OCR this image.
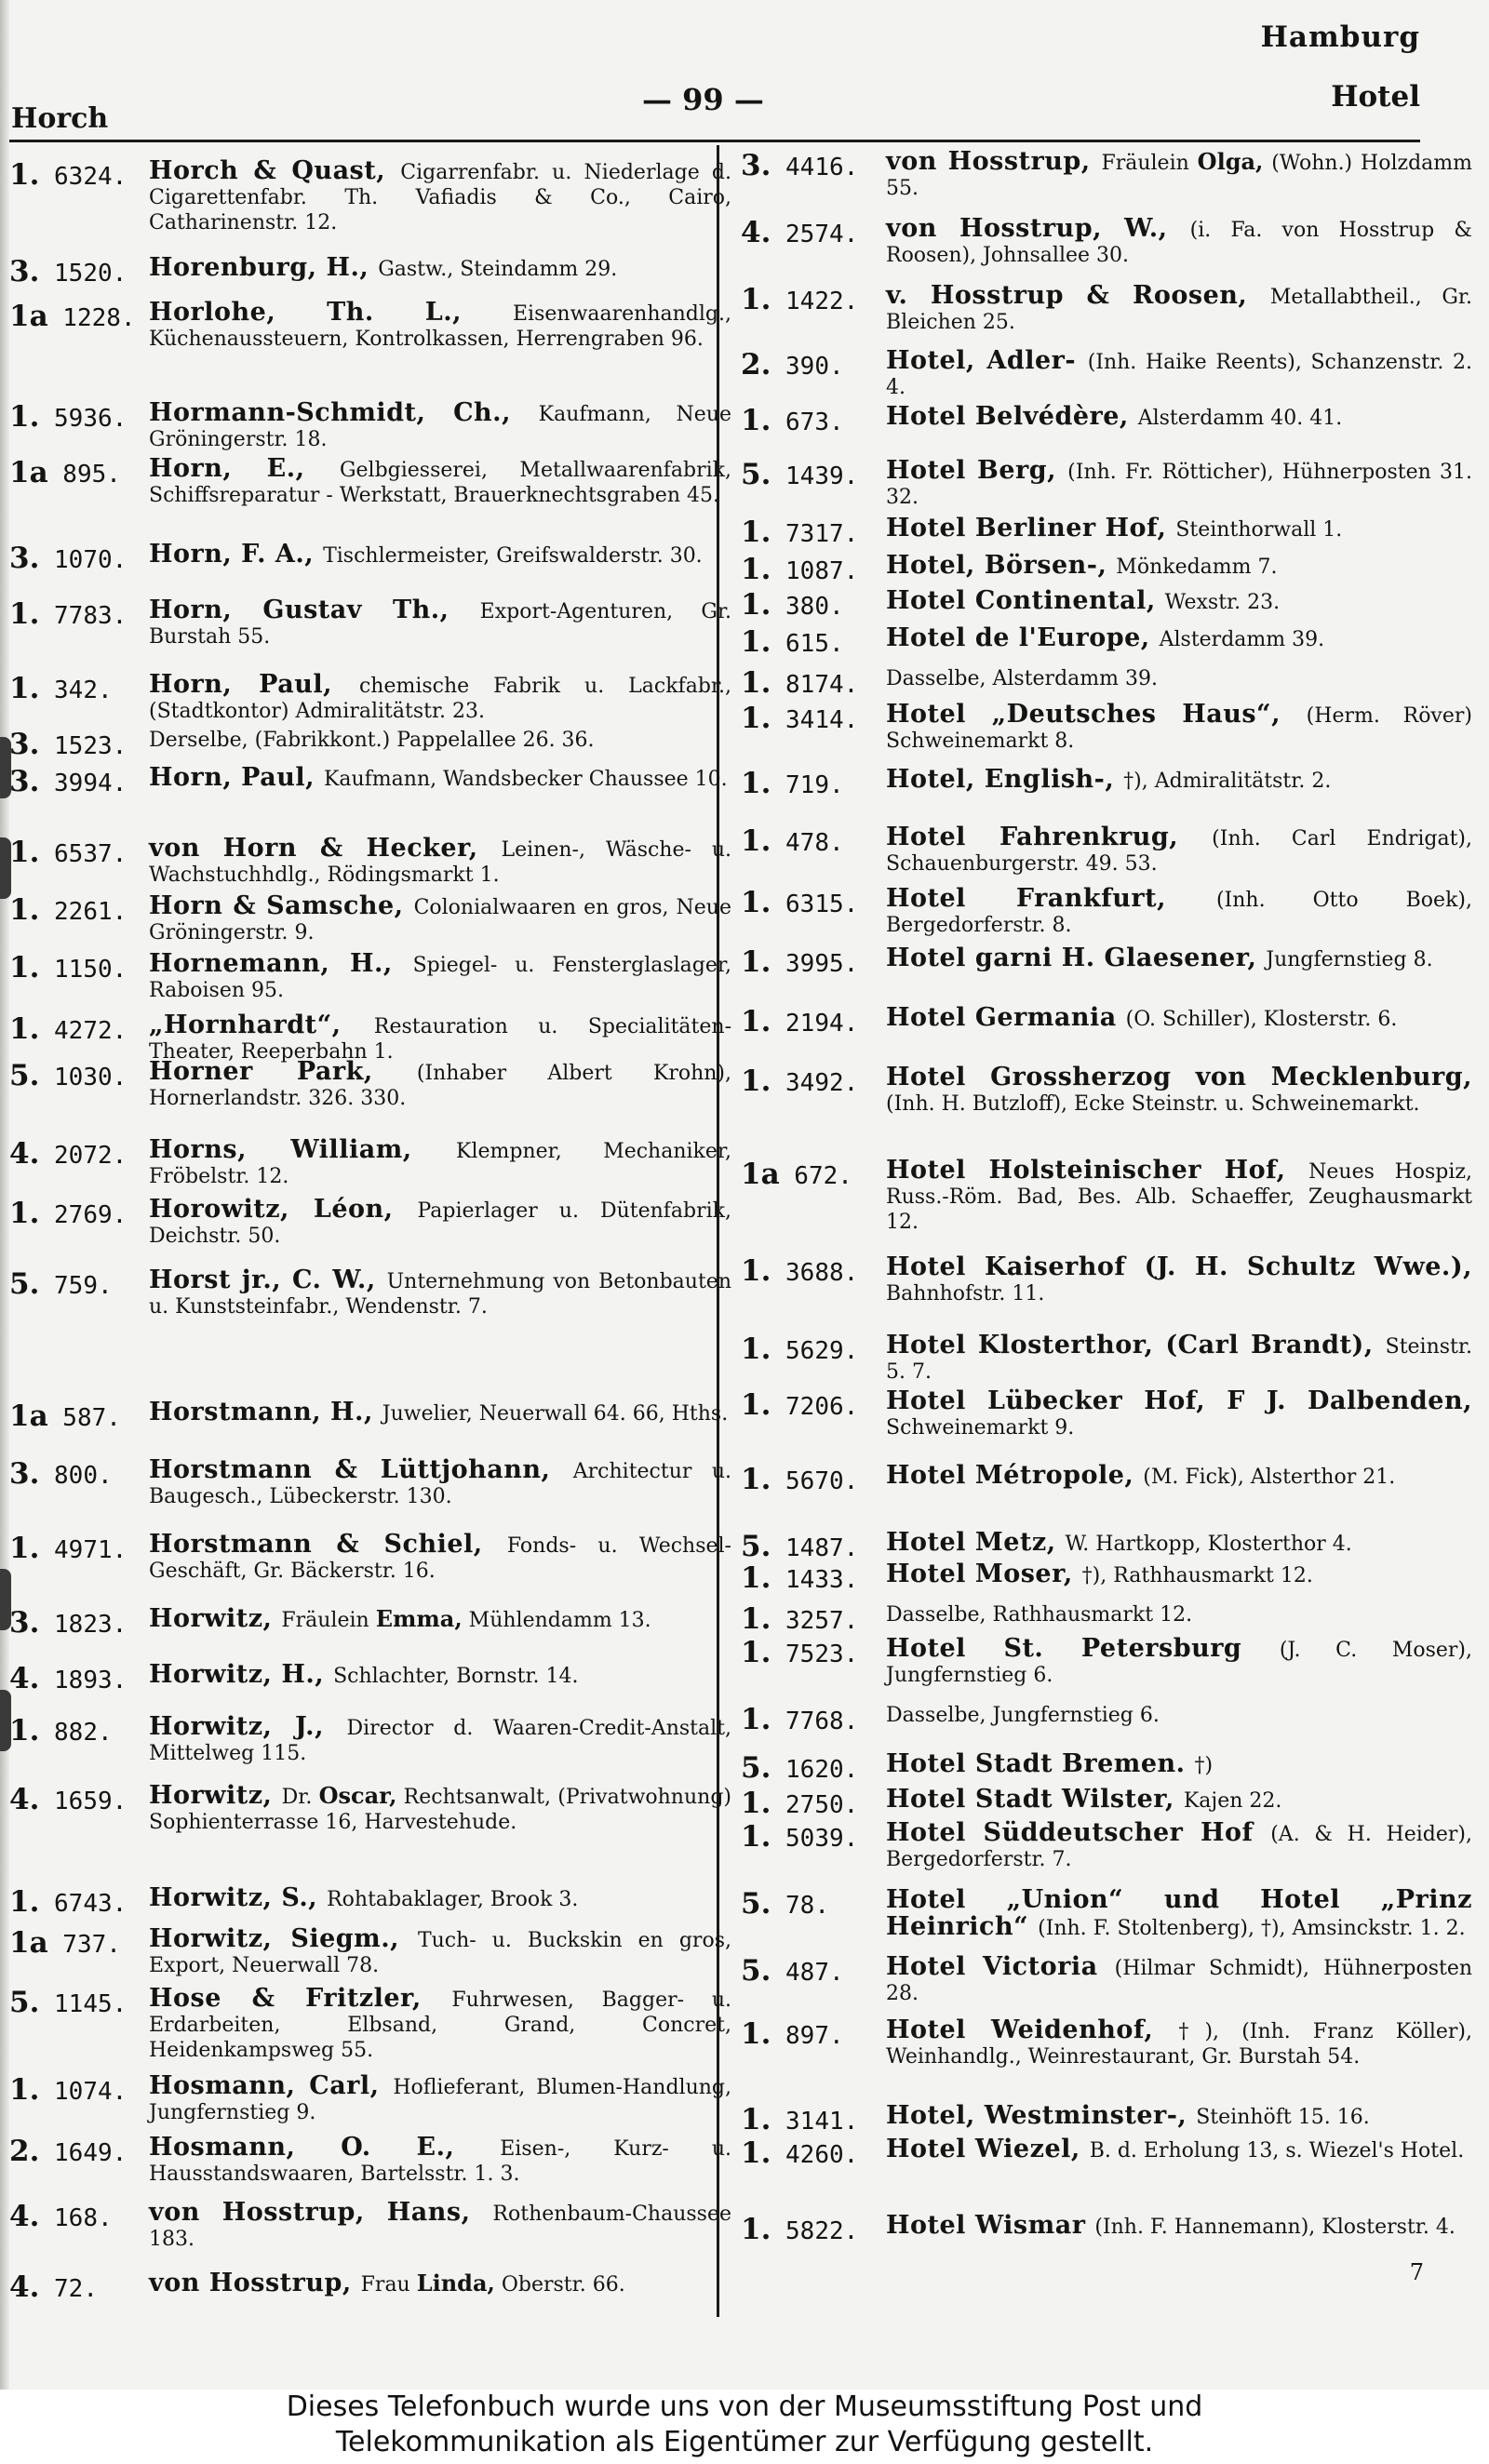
Hamburg
Horch
— 99 —	Hotel
1. 6324. Horch & Quast, Cigarrenfabr. u. Niederlage d. Cigarettenfabr. Th. Vafiadis & Co., Cairo, Catharinenstr. 12.
3. 1520. Horenburg, H., Gastw., Steindamm 29.
1a 1228. Horlohe, Th. L., Eisenwaarenhandlg., Küchenaussteuern, Kontrolkassen, Herrengraben 96.
1. 5936. Hormann-Schmidt, Ch., Kaufmann, Neue Gröningerstr. 18.
1a 895.	Horn, E., Gelbgiesserei, Metallwaarenfabrik, Schiffsreparatur - Werkstatt, Brauerknechtsgraben 45.
3. 1070. Horn, F. A., Tischlermeister, Greifswalderstr. 30.
1. 7783. Horn, Gustav Th., Export-Agenturen, Gr. Burstah 55.
1. 342.	Horn, Paul, chemische Fabrik u. Lackfabr., (Stadtkontor) Admiralitätstr. 23.
3. 1523.	Derselbe, (Fabrikkont.) Pappelallee 26. 36.
3. 3994. Horn, Paul, Kaufmann, Wandsbecker Chaussee 10.
1. 6537. von Horn & Hecker, Leinen-, Wäsche- u. Wachstuchhdlg., Rödingsmarkt 1.
1. 2261. Horn & Samsche, Colonialwaaren en gros, Neue Gröningerstr. 9.
1. 1150. Hornemann, H., Spiegel- u. Fensterglaslager, Raboisen 95.
1. 4272. „Hornhardt“, Restauration u. Specialitäten-Theater, Reeperbahn 1.
5. 1030. Horner Park, (Inhaber Albert Krohn), Hornerlandstr. 326. 330.
4. 2072. Horns, William, Klempner, Mechaniker, Fröbelstr. 12.
1. 2769. Horowitz, Léon, Papierlager u. Dütenfabrik, Deichstr. 50.
5. 759.	Horst jr., C. W., Unternehmung von Betonbauten u. Kunststeinfabr., Wendenstr. 7.
1a 587.	Horstmann, H., Juwelier, Neuerwall 64. 66, Hths.
3. 800.	Horstmann & Lüttjohann, Architectur u. Baugesch., Lübeckerstr. 130.
1. 4971. Horstmann & Schiel, Fonds- u. Wechsel-Geschäft, Gr. Bäckerstr. 16.
3. 1823. Horwitz, Fräulein Emma, Mühlendamm 13.
4. 1893. Horwitz, H., Schlachter, Bornstr. 14.
1. 882.	Horwitz, J., Director d. Waaren-Credit-Anstalt, Mittelweg 115.
4. 1659. Horwitz, Dr. Oscar, Rechtsanwalt, (Privatwohnung) Sophienterrasse 16, Harvestehude.
1. 6743. Horwitz, S., Rohtabaklager, Brook 3.
1a 737.	Horwitz, Siegm., Tuch- u. Buckskin en gros, Export, Neuerwall 78.
5. 1145. Hose & Fritzler, Fuhrwesen, Bagger- u. Erdarbeiten, Elbsand, Grand, Concret, Heidenkampsweg 55.
1. 1074. Hosmann, Carl, Hoflieferant, Blumen-Handlung, Jungfernstieg 9.
2. 1649. Hosmann, O. E., Eisen-, Kurz- u. Hausstandswaaren, Bartelsstr. 1. 3.
4. 168.	von Hosstrup, Hans, Rothenbaum-Chaussee 183.
4. 72.	von Hosstrup, Frau Linda, Oberstr. 66.
3. 4416.	von Hosstrup, Fräulein Olga, (Wohn.) Holzdamm 55.
4. 2574.	von Hosstrup, W., (i. Fa. von Hosstrup & Roosen), Johnsallee 30.
1. 1422.	v. Hosstrup & Roosen, Metallabtheil., Gr. Bleichen 25.
2. 390.	Hotel, Adler- (Inh. Haike Reents), Schanzenstr. 2. 4.
1. 673.	Hotel Belvédère, Alsterdamm 40. 41.
5. 1439.	Hotel Berg, (Inh. Fr. Rötticher), Hühnerposten 31. 32.
1. 7317.	Hotel Berliner Hof, Steinthorwall 1.
1. 1087.	Hotel, Börsen-, Mönkedamm 7.
1. 380.	Hotel Continental, Wexstr. 23.
1. 615.	Hotel de l'Europe, Alsterdamm 39.
1. 8174.	Dasselbe, Alsterdamm 39.
1. 3414.	Hotel „Deutsches Haus“, (Herm. Röver) Schweinemarkt 8.
1. 719.	Hotel, English-, †), Admiralitätstr. 2.
1. 478.	Hotel Fahrenkrug, (Inh. Carl Endrigat), Schauenburgerstr. 49. 53.
1. 6315.	Hotel Frankfurt, (Inh. Otto Boek), Bergedorferstr. 8.
1. 3995.	Hotel garni H. Glaesener, Jungfernstieg 8.
1. 2194.	Hotel Germania (O. Schiller), Klosterstr. 6.
1. 3492.	Hotel Grossherzog von Mecklenburg, (Inh. H. Butzloff), Ecke Steinstr. u. Schweinemarkt.
1a 672.	Hotel Holsteinischer Hof, Neues Hospiz, Russ.-Röm. Bad, Bes. Alb. Schaeffer, Zeughausmarkt 12.
1. 3688.	Hotel Kaiserhof (J. H. Schultz Wwe.), Bahnhofstr. 11.
1. 5629.	Hotel Klosterthor, (Carl Brandt), Steinstr. 5. 7.
1. 7206.	Hotel Lübecker Hof, F J. Dalbenden, Schweinemarkt 9.
1. 5670.	Hotel Métropole, (M. Fick), Alsterthor 21.
5. 1487.	Hotel Metz, W. Hartkopp, Klosterthor 4.
1. 1433.	Hotel Moser, †), Rathhausmarkt 12.
1. 3257.	Dasselbe, Rathhausmarkt 12.
1. 7523.	Hotel St. Petersburg (J. C. Moser), Jungfernstieg 6.
1. 7768.	Dasselbe, Jungfernstieg 6.
5. 1620.	Hotel Stadt Bremen. †)
1. 2750.	Hotel Stadt Wilster, Kajen 22.
1. 5039.	Hotel Süddeutscher Hof (A. & H. Heider), Bergedorferstr. 7.
5. 78.	Hotel „Union“ und Hotel „Prinz Heinrich“ (Inh. F. Stoltenberg), †), Amsinckstr. 1. 2.
5. 487.	Hotel Victoria (Hilmar Schmidt), Hühnerposten 28.
1. 897.	Hotel Weidenhof, †), (Inh. Franz Köller), Weinhandlg., Weinrestaurant, Gr. Burstah 54.
1. 3141.	Hotel, Westminster-, Steinhöft 15. 16.
1. 4260.	Hotel Wiezel, B. d. Erholung 13, s. Wiezel's Hotel.
1. 5822.	Hotel Wismar (Inh. F. Hannemann), Klosterstr. 4.
7
Dieses Telefonbuch wurde uns von der Museumsstiftung Post und
Telekommunikation als Eigentümer zur Verfügung gestellt.
